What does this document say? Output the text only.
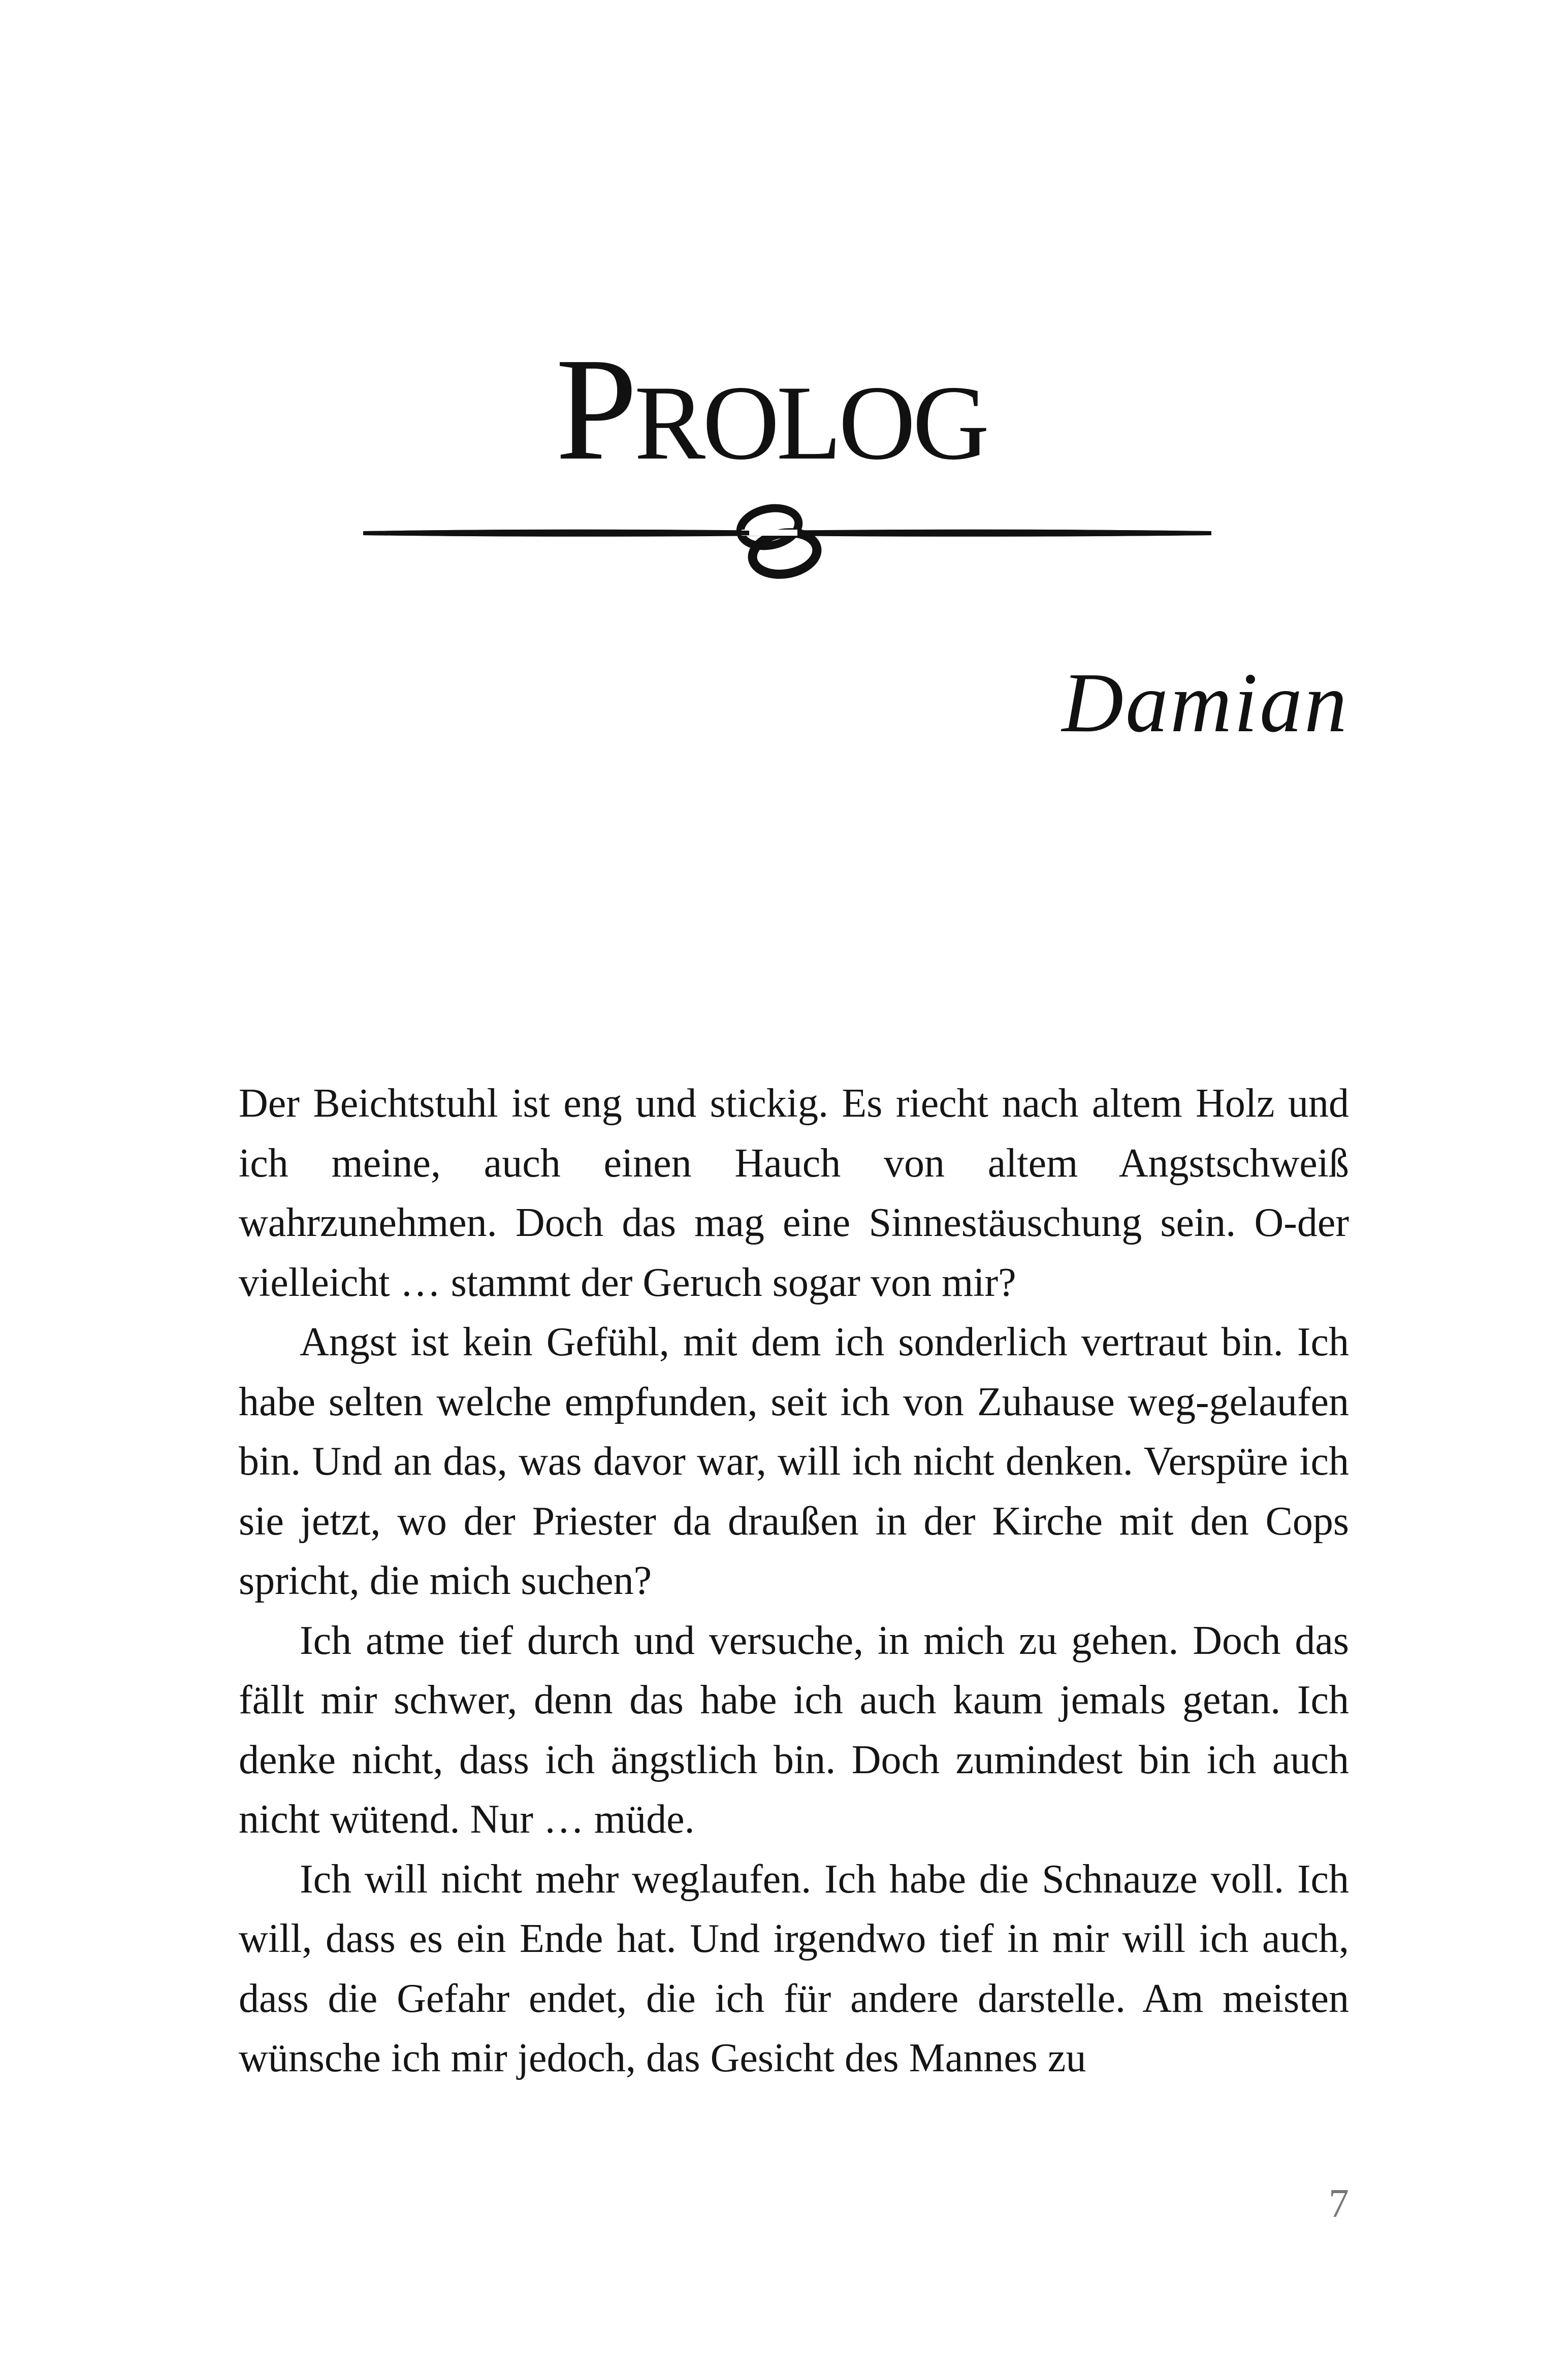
PROLOG
Damian

Der Beichtstuhl ist eng und stickig. Es riecht nach altem Holz und ich meine, auch einen Hauch von altem Angstschweiß wahrzunehmen. Doch das mag eine Sinnestäuschung sein. O-der vielleicht … stammt der Geruch sogar von mir?

Angst ist kein Gefühl, mit dem ich sonderlich vertraut bin. Ich habe selten welche empfunden, seit ich von Zuhause weg-gelaufen bin. Und an das, was davor war, will ich nicht denken. Verspüre ich sie jetzt, wo der Priester da draußen in der Kirche mit den Cops spricht, die mich suchen?

Ich atme tief durch und versuche, in mich zu gehen. Doch das fällt mir schwer, denn das habe ich auch kaum jemals getan. Ich denke nicht, dass ich ängstlich bin. Doch zumindest bin ich auch nicht wütend. Nur … müde.

Ich will nicht mehr weglaufen. Ich habe die Schnauze voll. Ich will, dass es ein Ende hat. Und irgendwo tief in mir will ich auch, dass die Gefahr endet, die ich für andere darstelle. Am meisten wünsche ich mir jedoch, das Gesicht des Mannes zu

7
